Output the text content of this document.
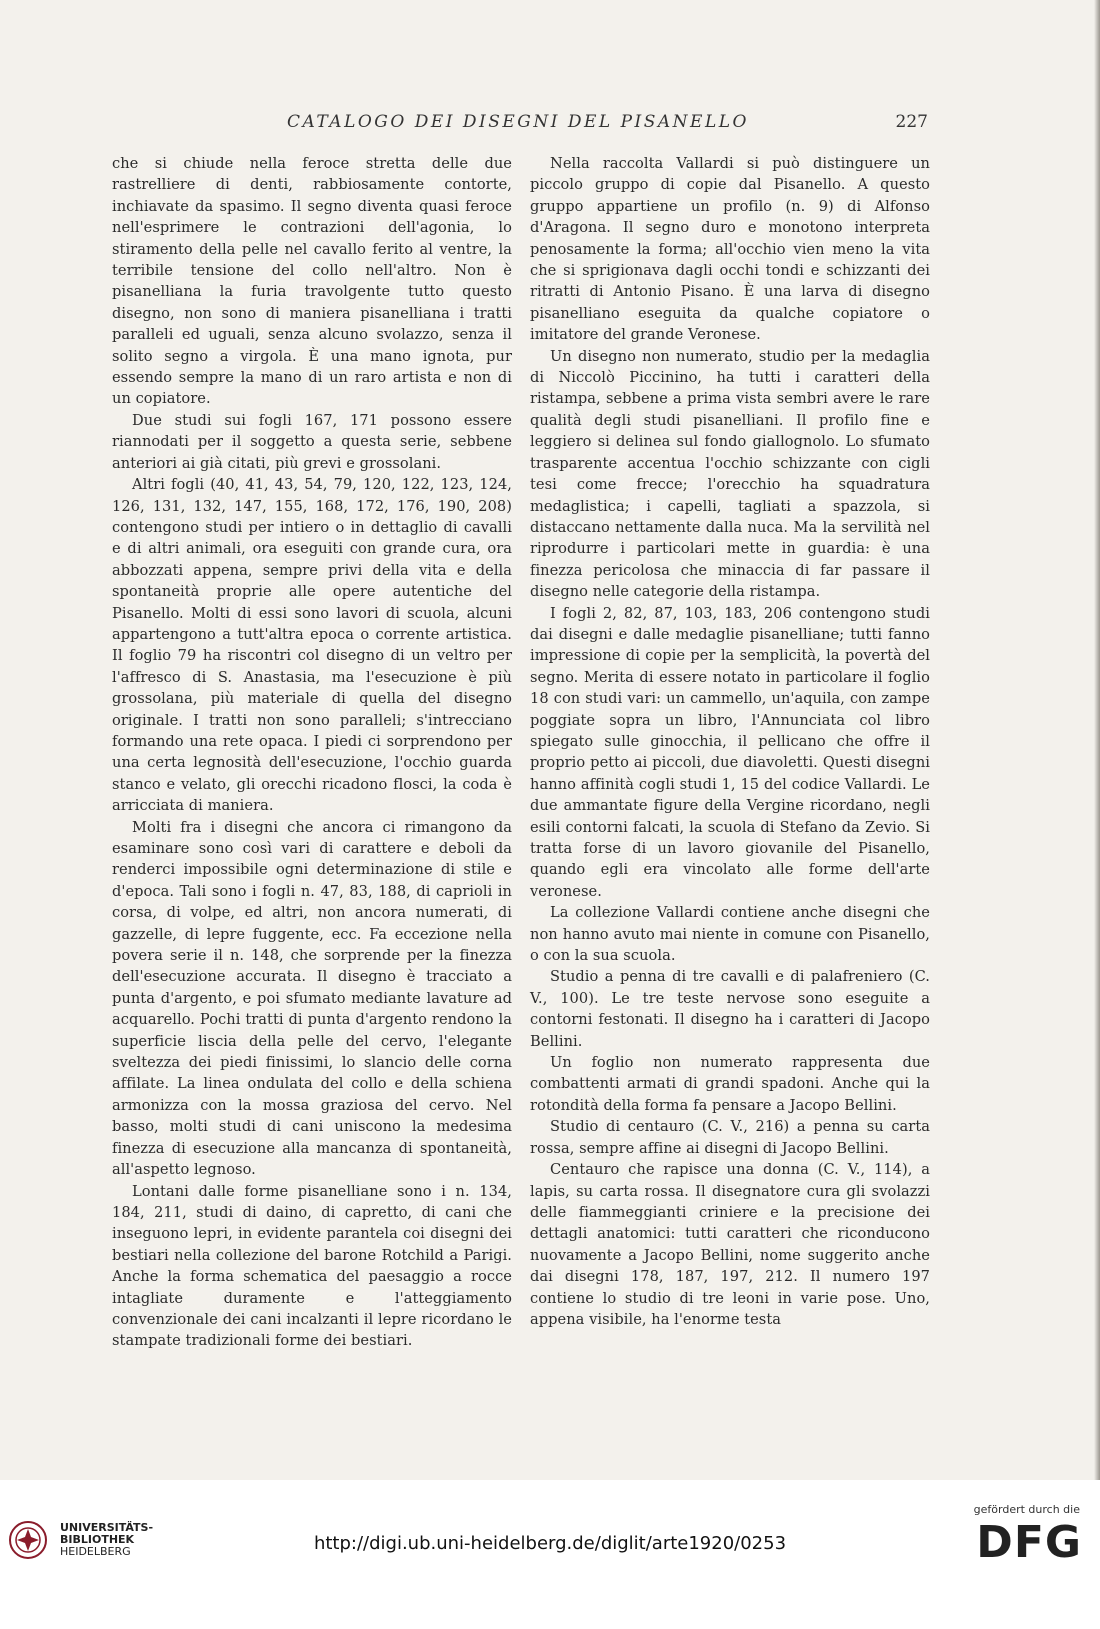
CATALOGO DEI DISEGNI DEL PISANELLO	227

che si chiude nella feroce stretta delle due rastrelliere di denti, rabbiosamente contorte, inchiavate da spasimo. Il segno diventa quasi feroce nell'esprimere le contrazioni dell'agonia, lo stiramento della pelle nel cavallo ferito al ventre, la terribile tensione del collo nell'altro. Non è pisanelliana la furia travolgente tutto questo disegno, non sono di maniera pisanelliana i tratti paralleli ed uguali, senza alcuno svolazzo, senza il solito segno a virgola. È una mano ignota, pur essendo sempre la mano di un raro artista e non di un copiatore.

Due studi sui fogli 167, 171 possono essere riannodati per il soggetto a questa serie, sebbene anteriori ai già citati, più grevi e grossolani.

Altri fogli (40, 41, 43, 54, 79, 120, 122, 123, 124, 126, 131, 132, 147, 155, 168, 172, 176, 190, 208) contengono studi per intiero o in dettaglio di cavalli e di altri animali, ora eseguiti con grande cura, ora abbozzati appena, sempre privi della vita e della spontaneità proprie alle opere autentiche del Pisanello. Molti di essi sono lavori di scuola, alcuni appartengono a tutt'altra epoca o corrente artistica. Il foglio 79 ha riscontri col disegno di un veltro per l'affresco di S. Anastasia, ma l'esecuzione è più grossolana, più materiale di quella del disegno originale. I tratti non sono paralleli; s'intrecciano formando una rete opaca. I piedi ci sorprendono per una certa legnosità dell'esecuzione, l'occhio guarda stanco e velato, gli orecchi ricadono flosci, la coda è arricciata di maniera.

Molti fra i disegni che ancora ci rimangono da esaminare sono così vari di carattere e deboli da renderci impossibile ogni determinazione di stile e d'epoca. Tali sono i fogli n. 47, 83, 188, di caprioli in corsa, di volpe, ed altri, non ancora numerati, di gazzelle, di lepre fuggente, ecc. Fa eccezione nella povera serie il n. 148, che sorprende per la finezza dell'esecuzione accurata. Il disegno è tracciato a punta d'argento, e poi sfumato mediante lavature ad acquarello. Pochi tratti di punta d'argento rendono la superficie liscia della pelle del cervo, l'elegante sveltezza dei piedi finissimi, lo slancio delle corna affilate. La linea ondulata del collo e della schiena armonizza con la mossa graziosa del cervo. Nel basso, molti studi di cani uniscono la medesima finezza di esecuzione alla mancanza di spontaneità, all'aspetto legnoso.

Lontani dalle forme pisanelliane sono i n. 134, 184, 211, studi di daino, di capretto, di cani che inseguono lepri, in evidente parantela coi disegni dei bestiari nella collezione del barone Rotchild a Parigi. Anche la forma schematica del paesaggio a rocce intagliate duramente e l'atteggiamento convenzionale dei cani incalzanti il lepre ricordano le stampate tradizionali forme dei bestiari.

Nella raccolta Vallardi si può distinguere un piccolo gruppo di copie dal Pisanello. A questo gruppo appartiene un profilo (n. 9) di Alfonso d'Aragona. Il segno duro e monotono interpreta penosamente la forma; all'occhio vien meno la vita che si sprigionava dagli occhi tondi e schizzanti dei ritratti di Antonio Pisano. È una larva di disegno pisanelliano eseguita da qualche copiatore o imitatore del grande Veronese.

Un disegno non numerato, studio per la medaglia di Niccolò Piccinino, ha tutti i caratteri della ristampa, sebbene a prima vista sembri avere le rare qualità degli studi pisanelliani. Il profilo fine e leggiero si delinea sul fondo giallognolo. Lo sfumato trasparente accentua l'occhio schizzante con cigli tesi come frecce; l'orecchio ha squadratura medaglistica; i capelli, tagliati a spazzola, si distaccano nettamente dalla nuca. Ma la servilità nel riprodurre i particolari mette in guardia: è una finezza pericolosa che minaccia di far passare il disegno nelle categorie della ristampa.

I fogli 2, 82, 87, 103, 183, 206 contengono studi dai disegni e dalle medaglie pisanelliane; tutti fanno impressione di copie per la semplicità, la povertà del segno. Merita di essere notato in particolare il foglio 18 con studi vari: un cammello, un'aquila, con zampe poggiate sopra un libro, l'Annunciata col libro spiegato sulle ginocchia, il pellicano che offre il proprio petto ai piccoli, due diavoletti. Questi disegni hanno affinità cogli studi 1, 15 del codice Vallardi. Le due ammantate figure della Vergine ricordano, negli esili contorni falcati, la scuola di Stefano da Zevio. Si tratta forse di un lavoro giovanile del Pisanello, quando egli era vincolato alle forme dell'arte veronese.

La collezione Vallardi contiene anche disegni che non hanno avuto mai niente in comune con Pisanello, o con la sua scuola.

Studio a penna di tre cavalli e di palafreniero (C. V., 100). Le tre teste nervose sono eseguite a contorni festonati. Il disegno ha i caratteri di Jacopo Bellini.

Un foglio non numerato rappresenta due combattenti armati di grandi spadoni. Anche qui la rotondità della forma fa pensare a Jacopo Bellini.

Studio di centauro (C. V., 216) a penna su carta rossa, sempre affine ai disegni di Jacopo Bellini.

Centauro che rapisce una donna (C. V., 114), a lapis, su carta rossa. Il disegnatore cura gli svolazzi delle fiammeggianti criniere e la precisione dei dettagli anatomici: tutti caratteri che riconducono nuovamente a Jacopo Bellini, nome suggerito anche dai disegni 178, 187, 197, 212. Il numero 197 contiene lo studio di tre leoni in varie pose. Uno, appena visibile, ha l'enorme testa

UNIVERSITÄTS-
BIBLIOTHEK
HEIDELBERG	http://digi.ub.uni-heidelberg.de/diglit/arte1920/0253
gefördert durch die
DFG
